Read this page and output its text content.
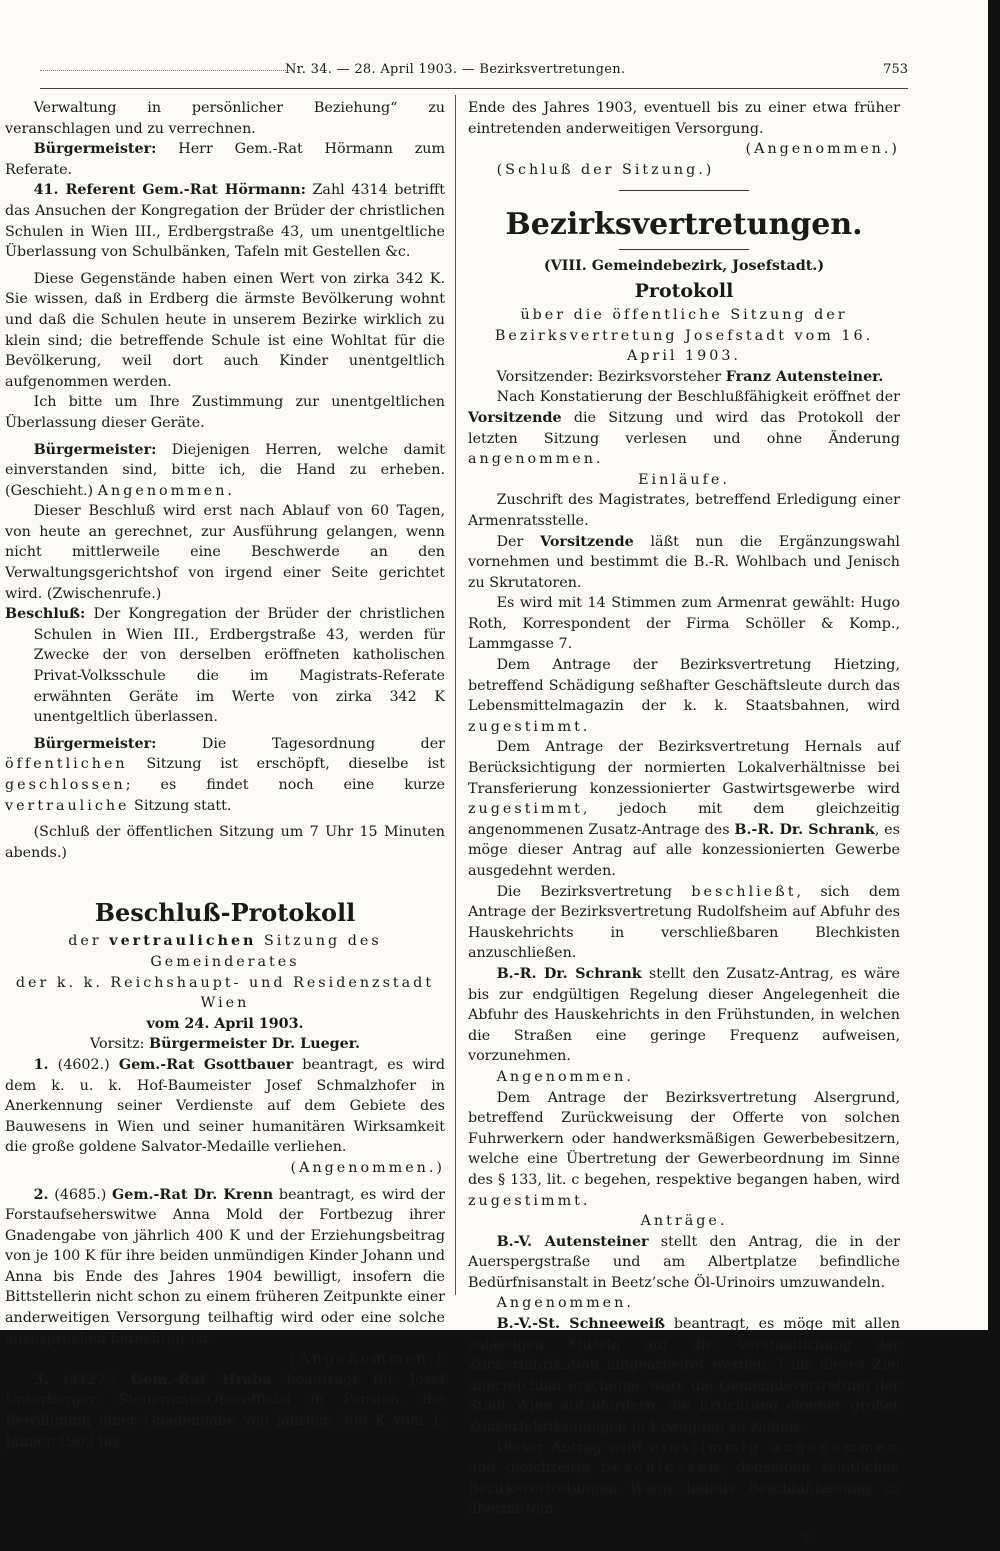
Nr. 34. — 28. April 1903. — Bezirksvertretungen.	753

Verwaltung in persönlicher Beziehung“ zu veranschlagen und zu verrechnen.

Bürgermeister: Herr Gem.-Rat Hörmann zum Referate.

41. Referent Gem.-Rat Hörmann: Zahl 4314 betrifft das Ansuchen der Kongregation der Brüder der christlichen Schulen in Wien III., Erdbergstraße 43, um unentgeltliche Überlassung von Schulbänken, Tafeln mit Gestellen &c.

Diese Gegenstände haben einen Wert von zirka 342 K. Sie wissen, daß in Erdberg die ärmste Bevölkerung wohnt und daß die Schulen heute in unserem Bezirke wirklich zu klein sind; die betreffende Schule ist eine Wohltat für die Bevölkerung, weil dort auch Kinder unentgeltlich aufgenommen werden.

Ich bitte um Ihre Zustimmung zur unentgeltlichen Überlassung dieser Geräte.

Bürgermeister: Diejenigen Herren, welche damit einverstanden sind, bitte ich, die Hand zu erheben. (Geschieht.) Angenommen.

Dieser Beschluß wird erst nach Ablauf von 60 Tagen, von heute an gerechnet, zur Ausführung gelangen, wenn nicht mittlerweile eine Beschwerde an den Verwaltungsgerichtshof von irgend einer Seite gerichtet wird. (Zwischenrufe.)

Beschluß: Der Kongregation der Brüder der christlichen Schulen in Wien III., Erdbergstraße 43, werden für Zwecke der von derselben eröffneten katholischen Privat-Volksschule die im Magistrats-Referate erwähnten Geräte im Werte von zirka 342 K unentgeltlich überlassen.

Bürgermeister: Die Tagesordnung der öffentlichen Sitzung ist erschöpft, dieselbe ist geschlossen; es findet noch eine kurze vertrauliche Sitzung statt.

(Schluß der öffentlichen Sitzung um 7 Uhr 15 Minuten abends.)

Beschluß-Protokoll

der vertraulichen Sitzung des Gemeinderates

der k. k. Reichshaupt- und Residenzstadt Wien

vom 24. April 1903.

Vorsitz: Bürgermeister Dr. Lueger.

1. (4602.) Gem.-Rat Gsottbauer beantragt, es wird dem k. u. k. Hof-Baumeister Josef Schmalzhofer in Anerkennung seiner Verdienste auf dem Gebiete des Bauwesens in Wien und seiner humanitären Wirksamkeit die große goldene Salvator-Medaille verliehen.

(Angenommen.)

2. (4685.) Gem.-Rat Dr. Krenn beantragt, es wird der Forstaufseherswitwe Anna Mold der Fortbezug ihrer Gnadengabe von jährlich 400 K und der Erziehungsbeitrag von je 100 K für ihre beiden unmündigen Kinder Johann und Anna bis Ende des Jahres 1904 bewilligt, insofern die Bittstellerin nicht schon zu einem früheren Zeitpunkte einer anderweitigen Versorgung teilhaftig wird oder eine solche anzusprechen berechtigt ist.

(Angenommen.)

3. (4127.) Gem.-Rat Hraba beantragt für Josef Unterberger, Steueramts-Oberoffizial in Pension, die Bewilligung einer Gnadengabe von jährlich 300 K vom 1. Jänner 1903 bis

Ende des Jahres 1903, eventuell bis zu einer etwa früher eintretenden anderweitigen Versorgung.

(Angenommen.)

(Schluß der Sitzung.)

Bezirksvertretungen.

(VIII. Gemeindebezirk, Josefstadt.)

Protokoll

über die öffentliche Sitzung der Bezirksvertretung Josefstadt vom 16. April 1903.

Vorsitzender: Bezirksvorsteher Franz Autensteiner.

Nach Konstatierung der Beschlußfähigkeit eröffnet der Vorsitzende die Sitzung und wird das Protokoll der letzten Sitzung verlesen und ohne Änderung angenommen.

Einläufe.

Zuschrift des Magistrates, betreffend Erledigung einer Armenratsstelle.

Der Vorsitzende läßt nun die Ergänzungswahl vornehmen und bestimmt die B.-R. Wohlbach und Jenisch zu Skrutatoren.

Es wird mit 14 Stimmen zum Armenrat gewählt: Hugo Roth, Korrespondent der Firma Schöller & Komp., Lammgasse 7.

Dem Antrage der Bezirksvertretung Hietzing, betreffend Schädigung seßhafter Geschäftsleute durch das Lebensmittelmagazin der k. k. Staatsbahnen, wird zugestimmt.

Dem Antrage der Bezirksvertretung Hernals auf Berücksichtigung der normierten Lokalverhältnisse bei Transferierung konzessionierter Gastwirtsgewerbe wird zugestimmt, jedoch mit dem gleichzeitig angenommenen Zusatz-Antrage des B.-R. Dr. Schrank, es möge dieser Antrag auf alle konzessionierten Gewerbe ausgedehnt werden.

Die Bezirksvertretung beschließt, sich dem Antrage der Bezirksvertretung Rudolfsheim auf Abfuhr des Hauskehrichts in verschließbaren Blechkisten anzuschließen.

B.-R. Dr. Schrank stellt den Zusatz-Antrag, es wäre bis zur endgültigen Regelung dieser Angelegenheit die Abfuhr des Hauskehrichts in den Frühstunden, in welchen die Straßen eine geringe Frequenz aufweisen, vorzunehmen.

Angenommen.

Dem Antrage der Bezirksvertretung Alsergrund, betreffend Zurückweisung der Offerte von solchen Fuhrwerkern oder handwerksmäßigen Gewerbebesitzern, welche eine Übertretung der Gewerbeordnung im Sinne des § 133, lit. c begehen, respektive begangen haben, wird zugestimmt.

Anträge.

B.-V. Autensteiner stellt den Antrag, die in der Auerspergstraße und am Albertplatze befindliche Bedürfnisanstalt in Beetz’sche Öl-Urinoirs umzuwandeln.

Angenommen.

B.-V.-St. Schneeweiß beantragt, es möge mit allen zulässigen Mitteln auf die Verstaatlichung der Zuckerfabrikation hingearbeitet werden. Falls dieses Ziel unerreichbar erscheine, wäre die Gemeindevertretung der Stadt Wien aufzufordern, die Errichtung eigener großer Zuckerfabriksanlagen in Erwägung zu ziehen.

Dieser Antrag wird einstimmig angenommen und gleichzeitig beschlossen, denselben sämtlichen Bezirksvertretungen Wiens behufs Beschlußfassung zu übermitteln.

3
